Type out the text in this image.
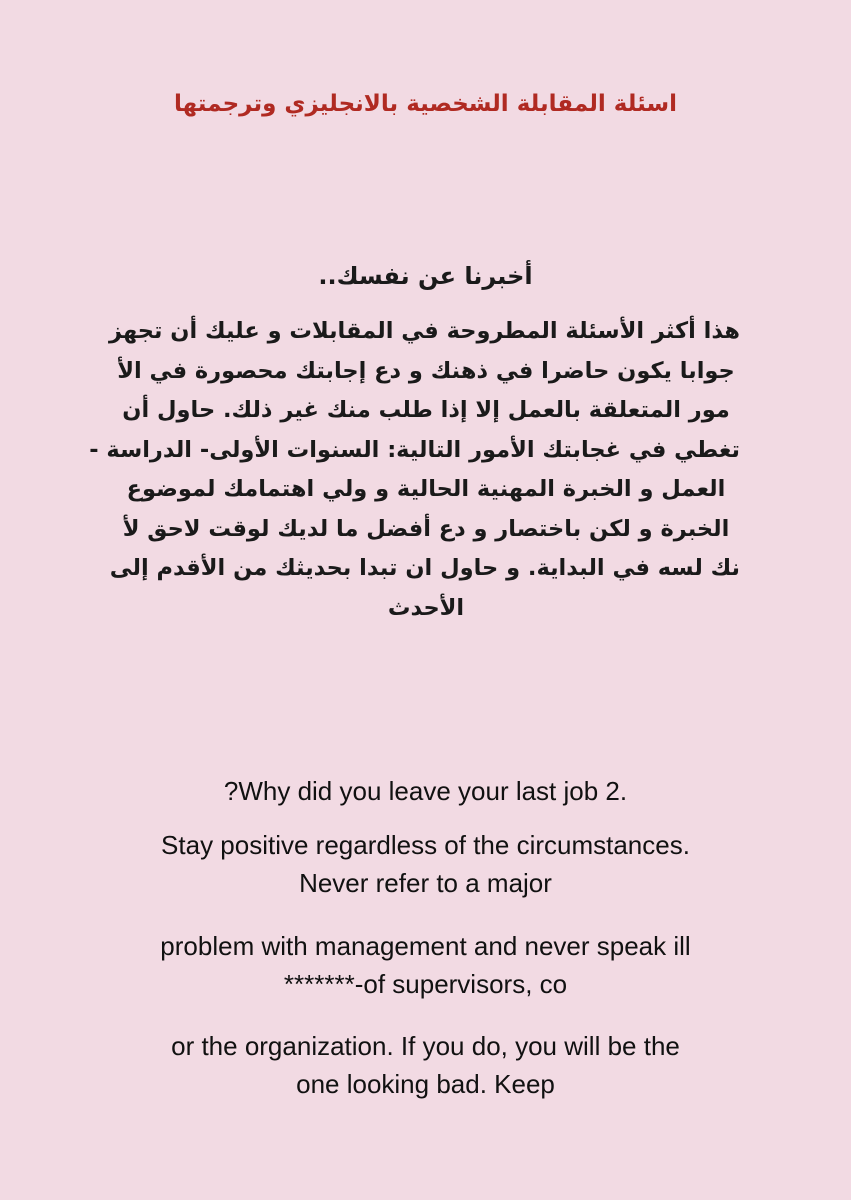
اسئلة المقابلة الشخصية بالانجليزي وترجمتها
أخبرنا عن نفسك..
هذا أكثر الأسئلة المطروحة في المقابلات و عليك أن تجهز
جوابا يكون حاضرا في ذهنك و دع إجابتك محصورة في الأ
مور المتعلقة بالعمل إلا إذا طلب منك غير ذلك. حاول أن
تغطي في غجابتك الأمور التالية: السنوات الأولى- الدراسة -
العمل و الخبرة المهنية الحالية و ولي اهتمامك لموضوع
الخبرة و لكن باختصار و دع أفضل ما لديك لوقت لاحق لأ
نك لسه في البداية. و حاول ان تبدا بحديثك من الأقدم إلى
الأحدث
?Why did you leave your last job 2.
Stay positive regardless of the circumstances.
Never refer to a major
problem with management and never speak ill
*******-of supervisors, co
or the organization. If you do, you will be the
one looking bad. Keep
